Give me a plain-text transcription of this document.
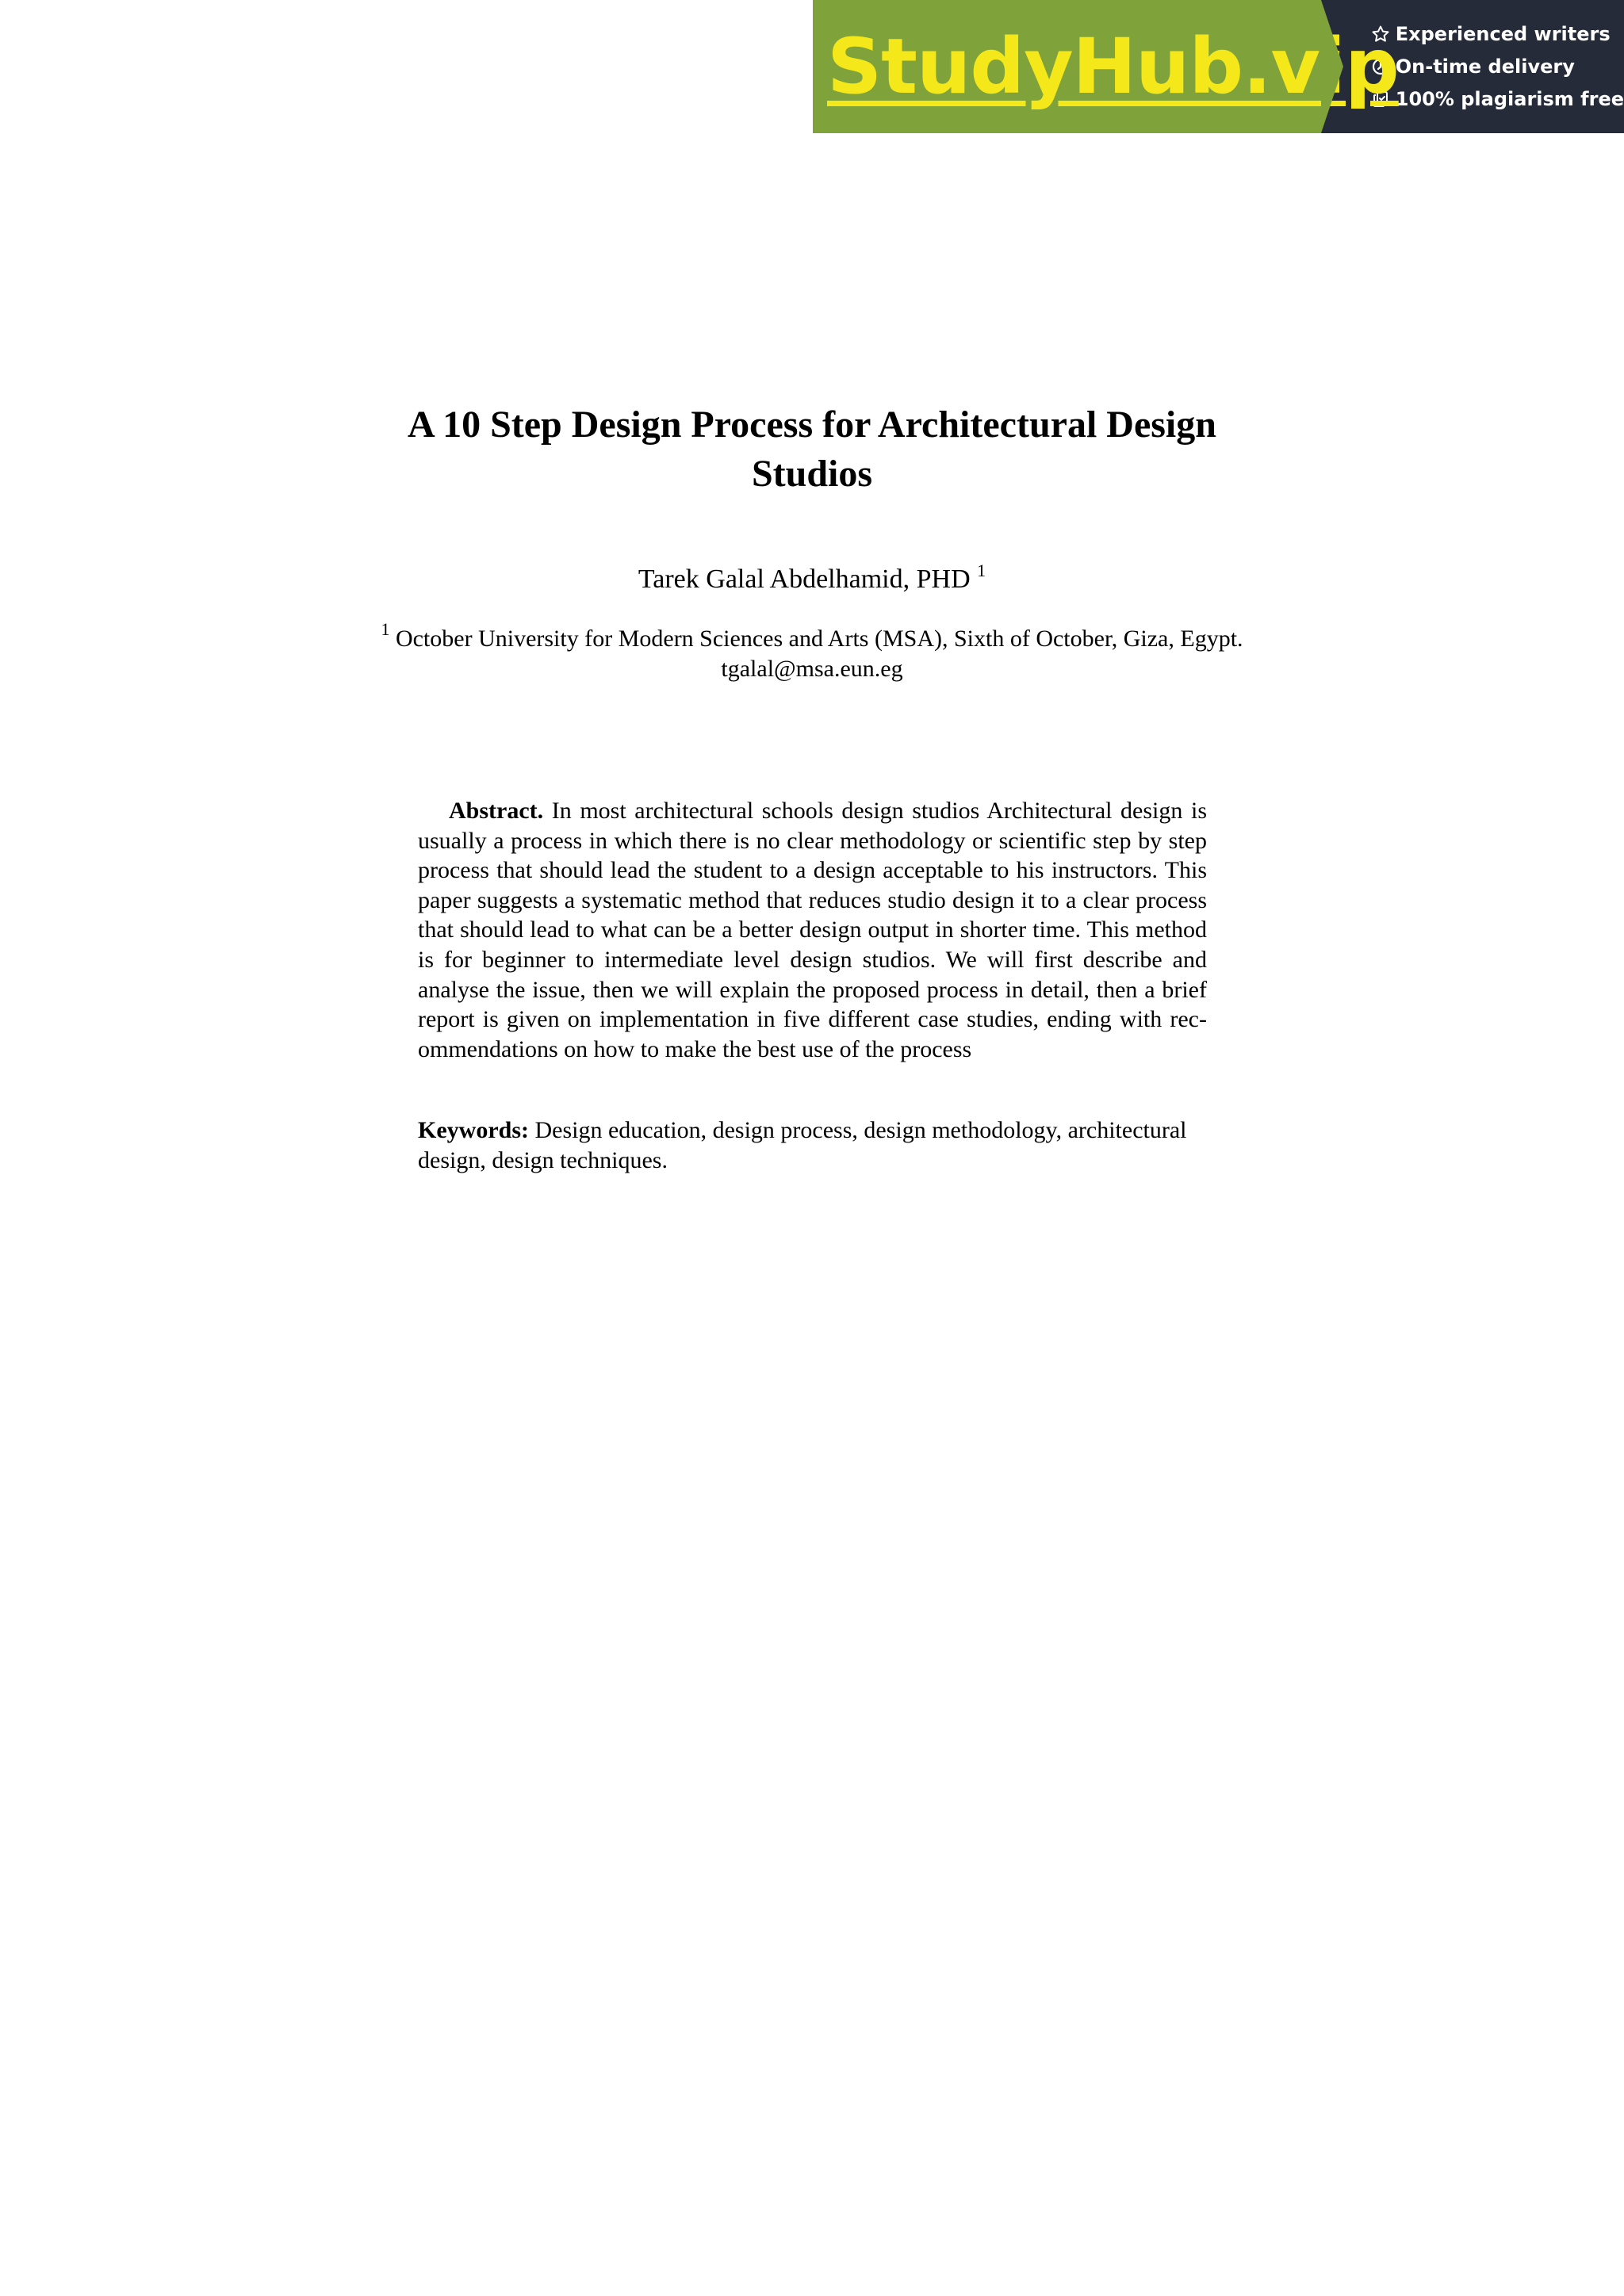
StudyHub.vip
Experienced writers
On-time delivery
100% plagiarism free
A 10 Step Design Process for Architectural Design
Studios
Tarek Galal Abdelhamid, PHD $^1$
$^1$ October University for Modern Sciences and Arts (MSA), Sixth of October, Giza, Egypt.
tgalal@msa.eun.eg

Abstract. In most architectural schools design studios Architectural design is usually a process in which there is no clear methodology or scientific step by step process that should lead the student to a design acceptable to his instructors. This paper suggests a systematic method that reduces studio design it to a clear process that should lead to what can be a better design output in shorter time. This method is for beginner to intermediate level design studios. We will first describe and analyse the issue, then we will explain the proposed process in detail, then a brief report is given on implementation in five different case studies, ending with recommendations on how to make the best use of the process

Keywords: Design education, design process, design methodology, architectural design, design techniques.
